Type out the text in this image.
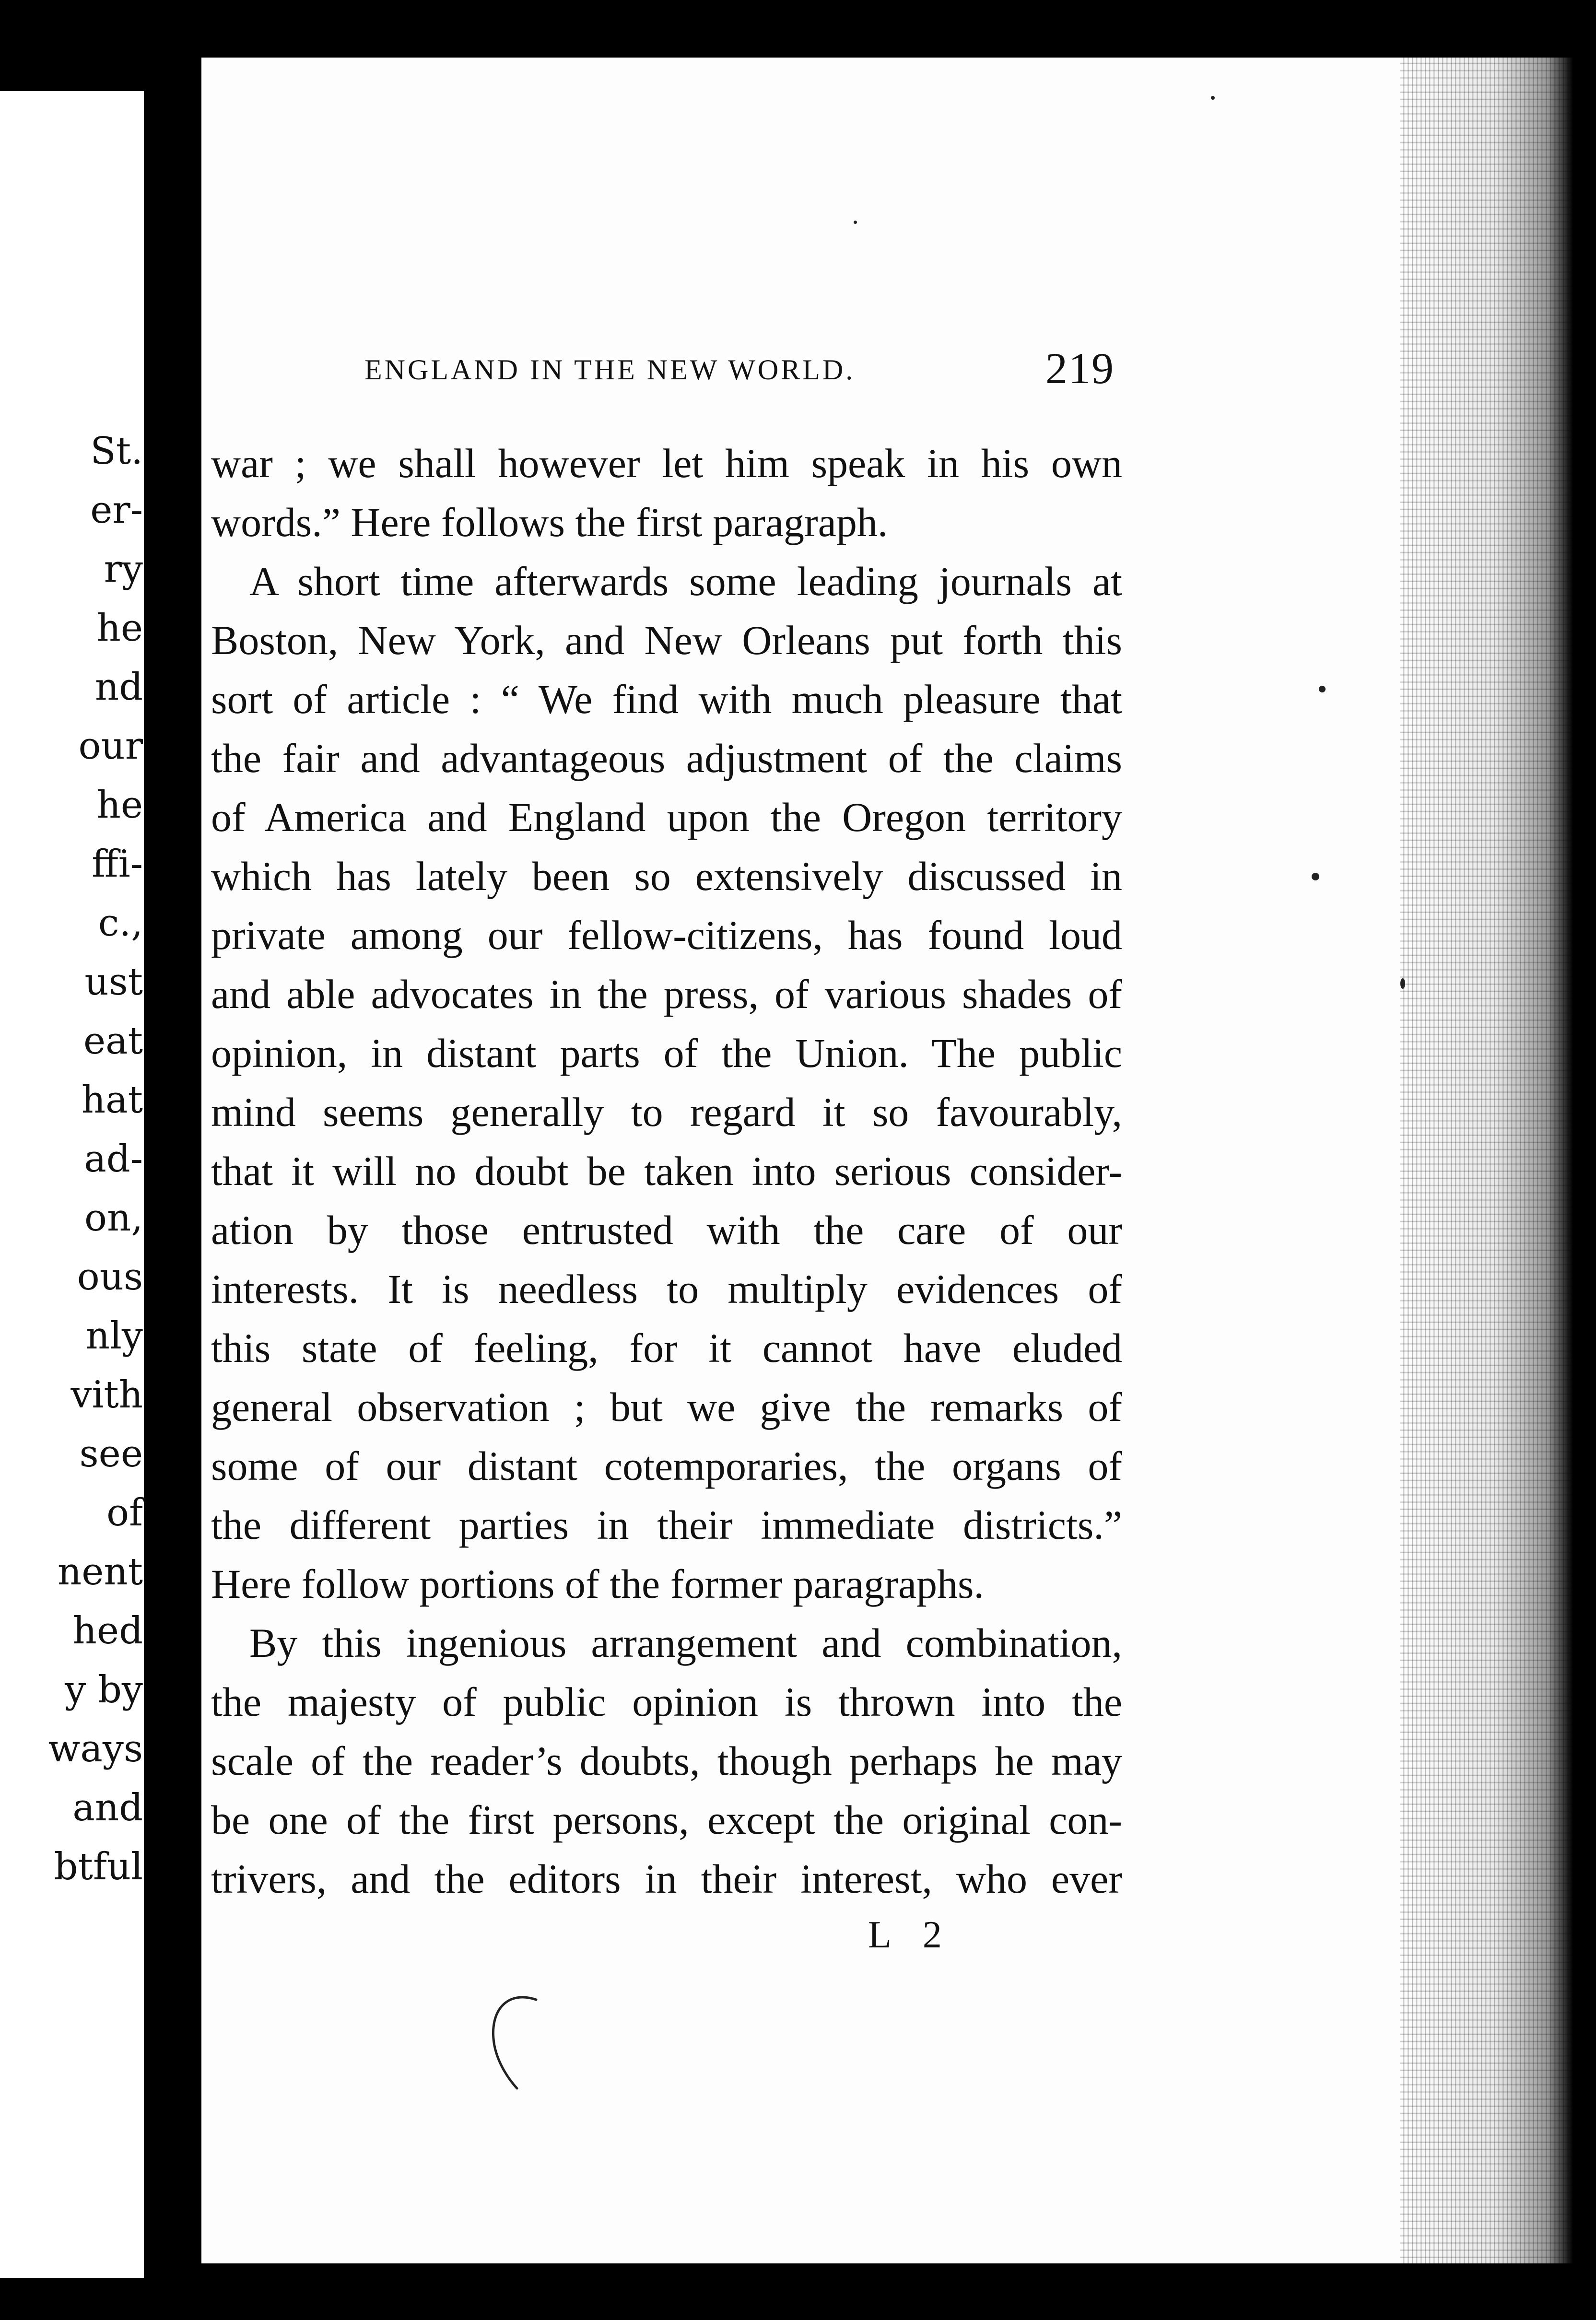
St.
er-
ry
he
nd
our
he
ffi-
c.,
ust
eat
hat
ad-
on,
ous
nly
vith
see
of
nent
hed
y by
ways
and
btful
ENGLAND IN THE NEW WORLD.	219
war ; we shall however let him speak in his own
words.” Here follows the first paragraph.
A short time afterwards some leading journals at
Boston, New York, and New Orleans put forth this
sort of article : “ We find with much pleasure that
the fair and advantageous adjustment of the claims
of America and England upon the Oregon territory
which has lately been so extensively discussed in
private among our fellow-citizens, has found loud
and able advocates in the press, of various shades of
opinion, in distant parts of the Union. The public
mind seems generally to regard it so favourably,
that it will no doubt be taken into serious consider-
ation by those entrusted with the care of our
interests. It is needless to multiply evidences of
this state of feeling, for it cannot have eluded
general observation ; but we give the remarks of
some of our distant cotemporaries, the organs of
the different parties in their immediate districts.”
Here follow portions of the former paragraphs.
By this ingenious arrangement and combination,
the majesty of public opinion is thrown into the
scale of the reader’s doubts, though perhaps he may
be one of the first persons, except the original con-
trivers, and the editors in their interest, who ever
L 2
